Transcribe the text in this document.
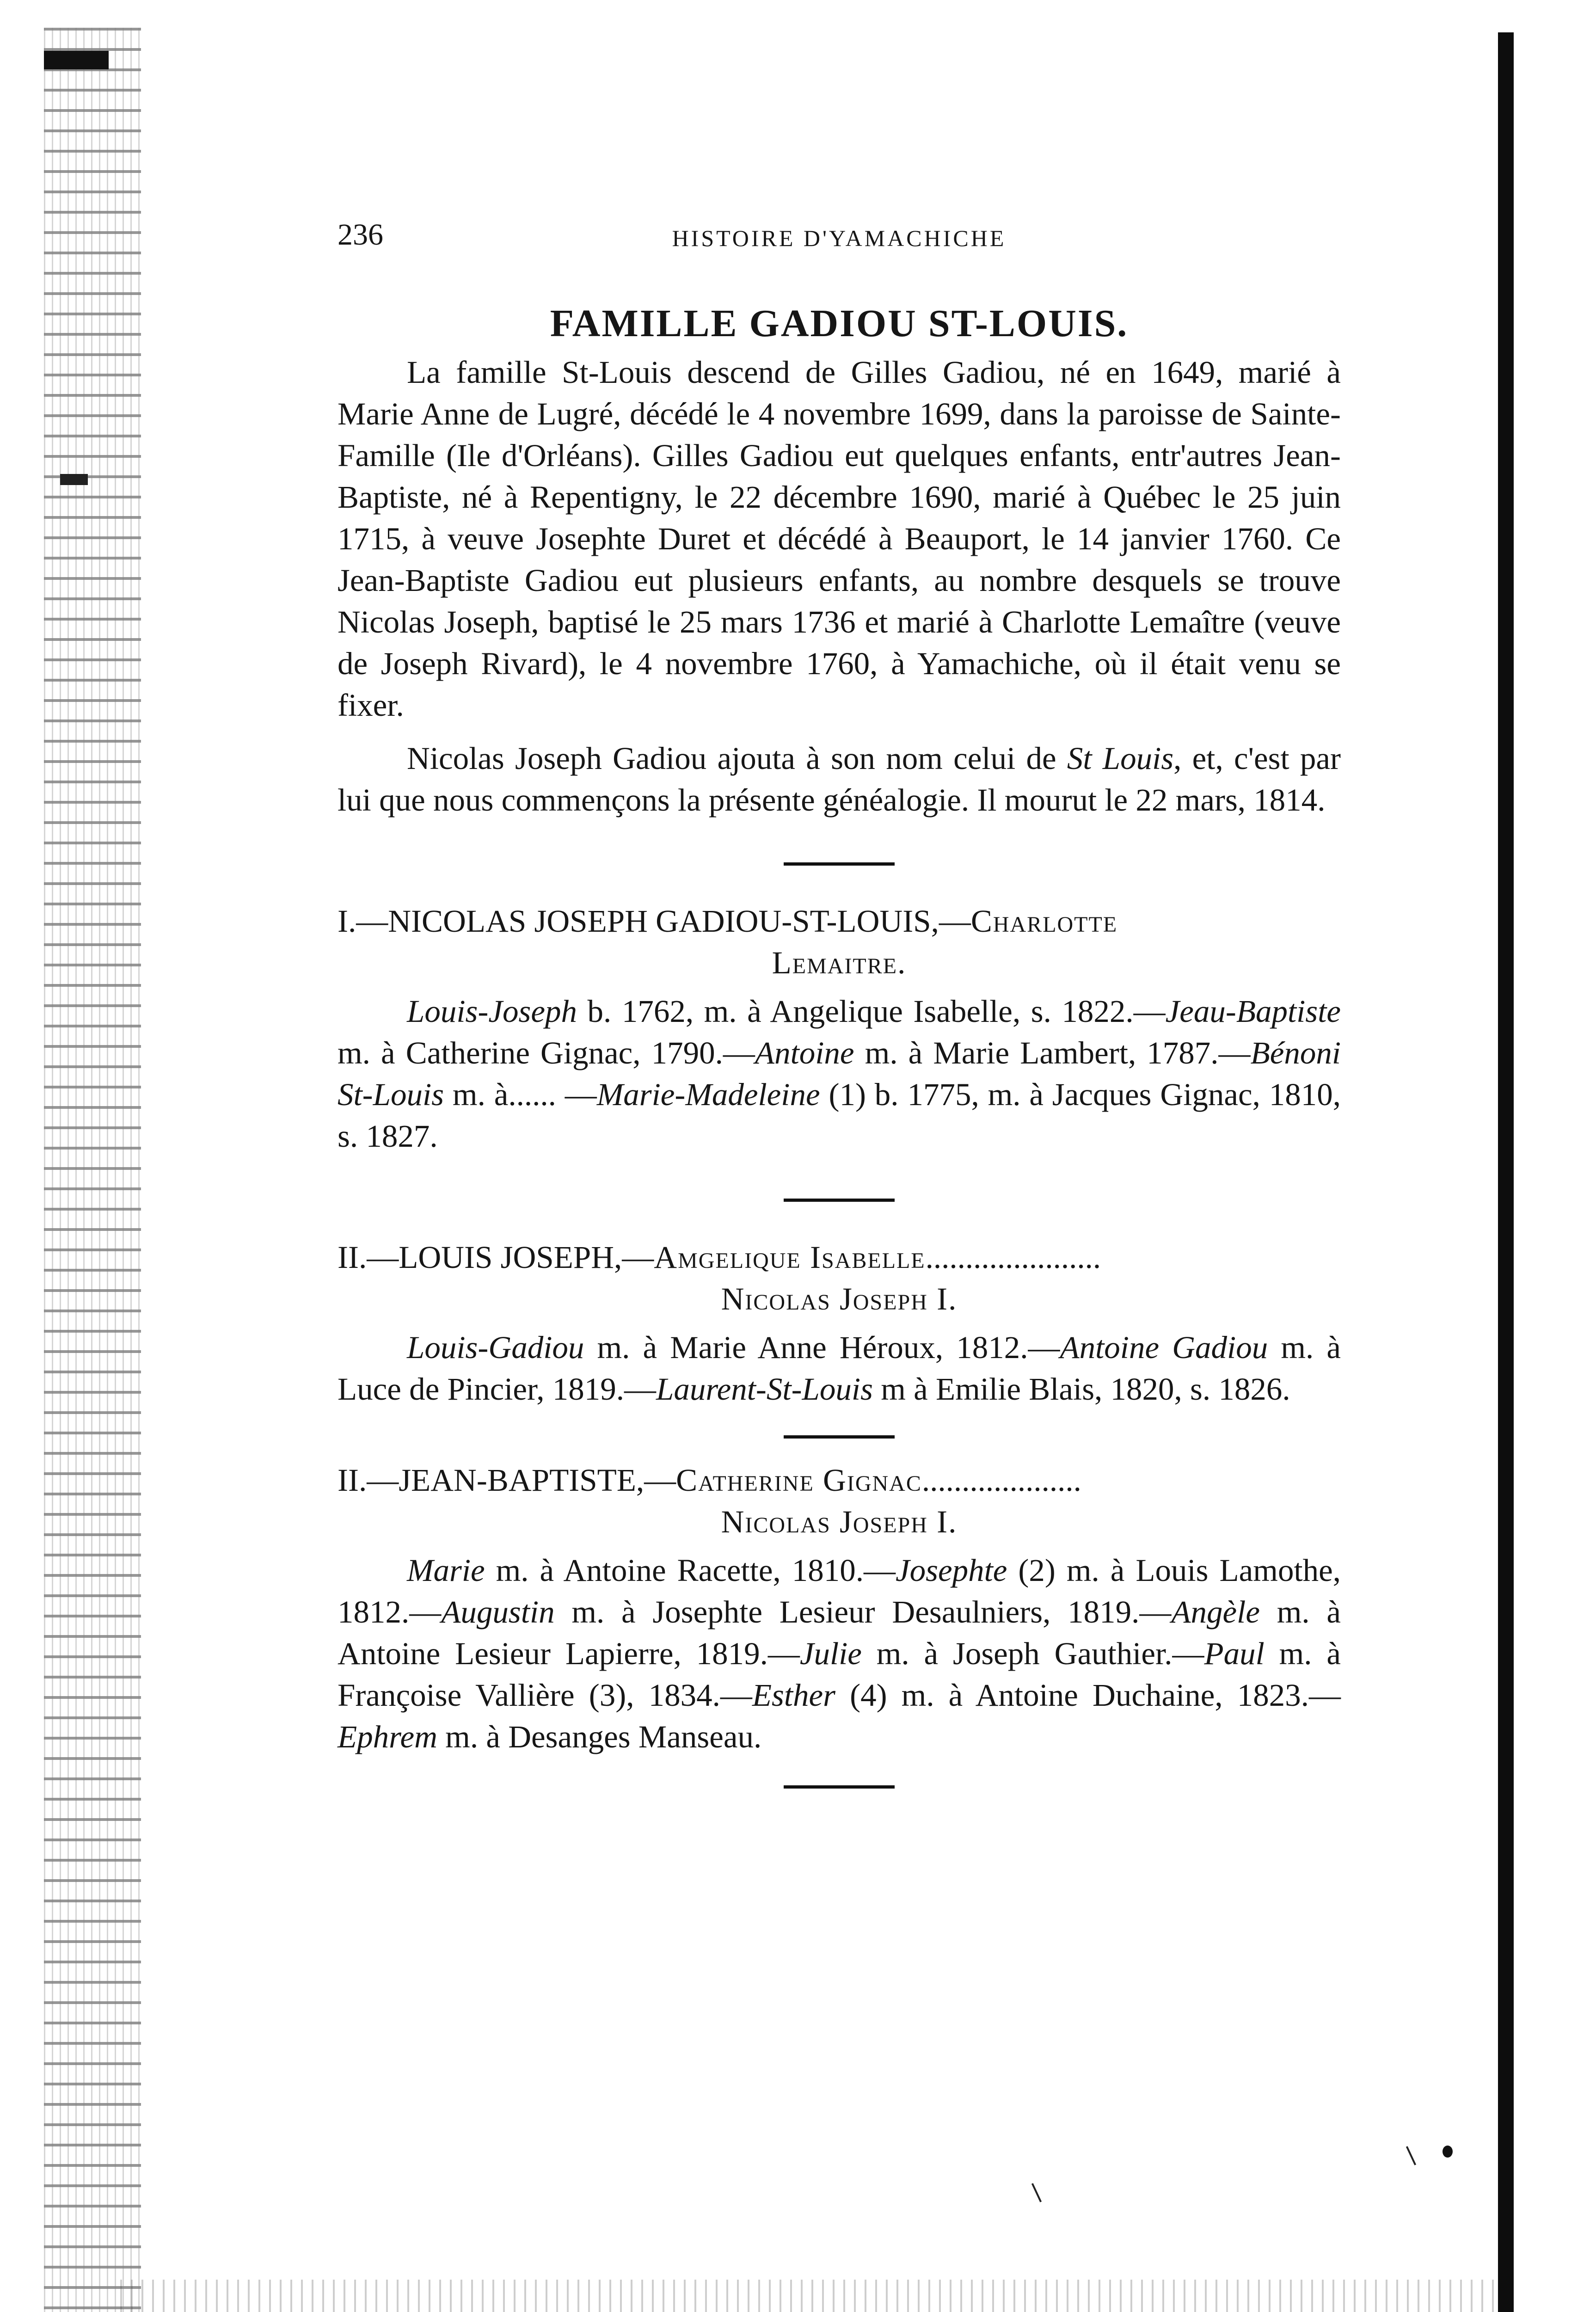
236	HISTOIRE D'YAMACHICHE
FAMILLE GADIOU ST-LOUIS.

La famille St-Louis descend de Gilles Gadiou, né en 1649, marié à Marie Anne de Lugré, décédé le 4 novembre 1699, dans la paroisse de Sainte-Famille (Ile d'Orléans). Gilles Gadiou eut quelques enfants, entr'autres Jean-Baptiste, né à Repentigny, le 22 décembre 1690, marié à Québec le 25 juin 1715, à veuve Josephte Duret et décédé à Beauport, le 14 janvier 1760. Ce Jean-Baptiste Gadiou eut plusieurs enfants, au nombre desquels se trouve Nicolas Joseph, baptisé le 25 mars 1736 et marié à Charlotte Lemaître (veuve de Joseph Rivard), le 4 novembre 1760, à Yamachiche, où il était venu se fixer.

Nicolas Joseph Gadiou ajouta à son nom celui de St Louis, et, c'est par lui que nous commençons la présente généalogie. Il mourut le 22 mars, 1814.

I.—NICOLAS JOSEPH GADIOU-ST-LOUIS,—Charlotte

Lemaitre.

Louis-Joseph b. 1762, m. à Angelique Isabelle, s. 1822.—Jeau-Baptiste m. à Catherine Gignac, 1790.—Antoine m. à Marie Lambert, 1787.—Bénoni St-Louis m. à...... —Marie-Madeleine (1) b. 1775, m. à Jacques Gignac, 1810, s. 1827.

II.—LOUIS JOSEPH,—Amgelique Isabelle......................

Nicolas Joseph I.

Louis-Gadiou m. à Marie Anne Héroux, 1812.—Antoine Gadiou m. à Luce de Pincier, 1819.—Laurent-St-Louis m à Emilie Blais, 1820, s. 1826.

II.—JEAN-BAPTISTE,—Catherine Gignac....................

Nicolas Joseph I.

Marie m. à Antoine Racette, 1810.—Josephte (2) m. à Louis Lamothe, 1812.—Augustin m. à Josephte Lesieur Desaulniers, 1819.—Angèle m. à Antoine Lesieur Lapierre, 1819.—Julie m. à Joseph Gauthier.—Paul m. à Françoise Vallière (3), 1834.—Esther (4) m. à Antoine Duchaine, 1823.—Ephrem m. à Desanges Manseau.
